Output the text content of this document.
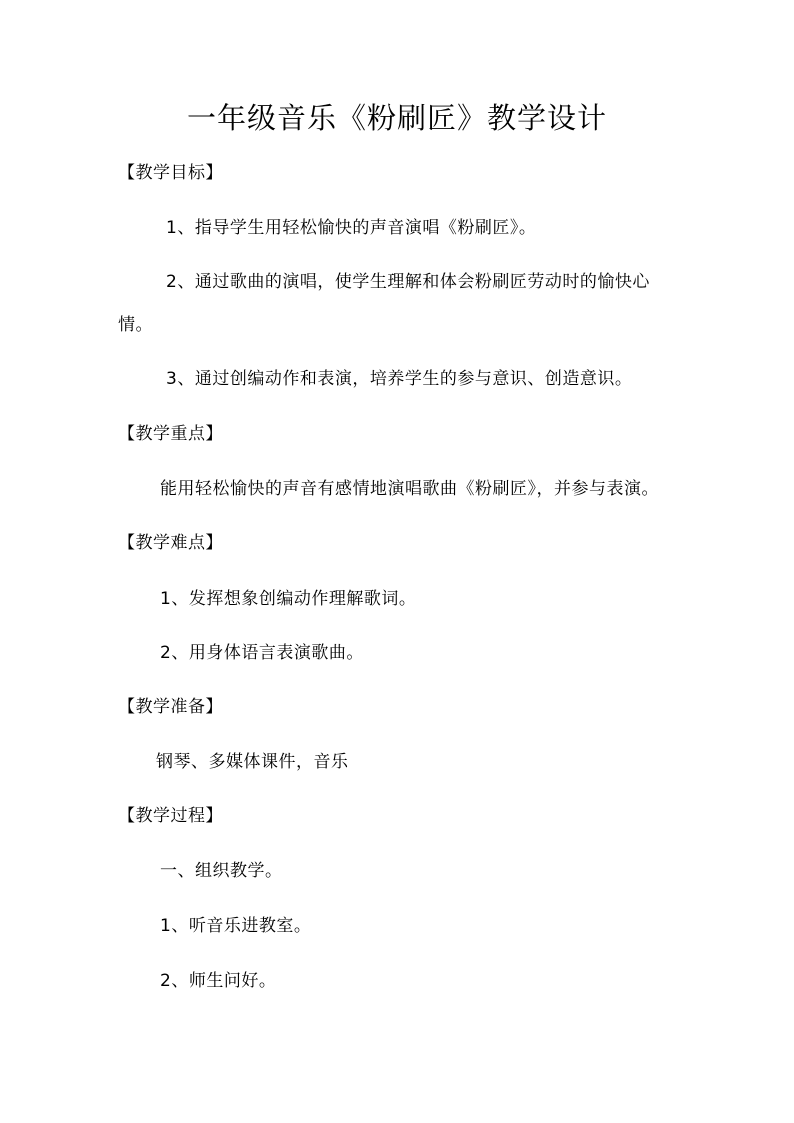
一年级音乐《粉刷匠》教学设计
【教学目标】
1、指导学生用轻松愉快的声音演唱《粉刷匠》。
2、通过歌曲的演唱，使学生理解和体会粉刷匠劳动时的愉快心
情。
3、通过创编动作和表演，培养学生的参与意识、创造意识。
【教学重点】
能用轻松愉快的声音有感情地演唱歌曲《粉刷匠》，并参与表演。
【教学难点】
1、发挥想象创编动作理解歌词。
2、用身体语言表演歌曲。
【教学准备】
钢琴、多媒体课件，音乐
【教学过程】
一、组织教学。
1、听音乐进教室。
2、师生问好。
